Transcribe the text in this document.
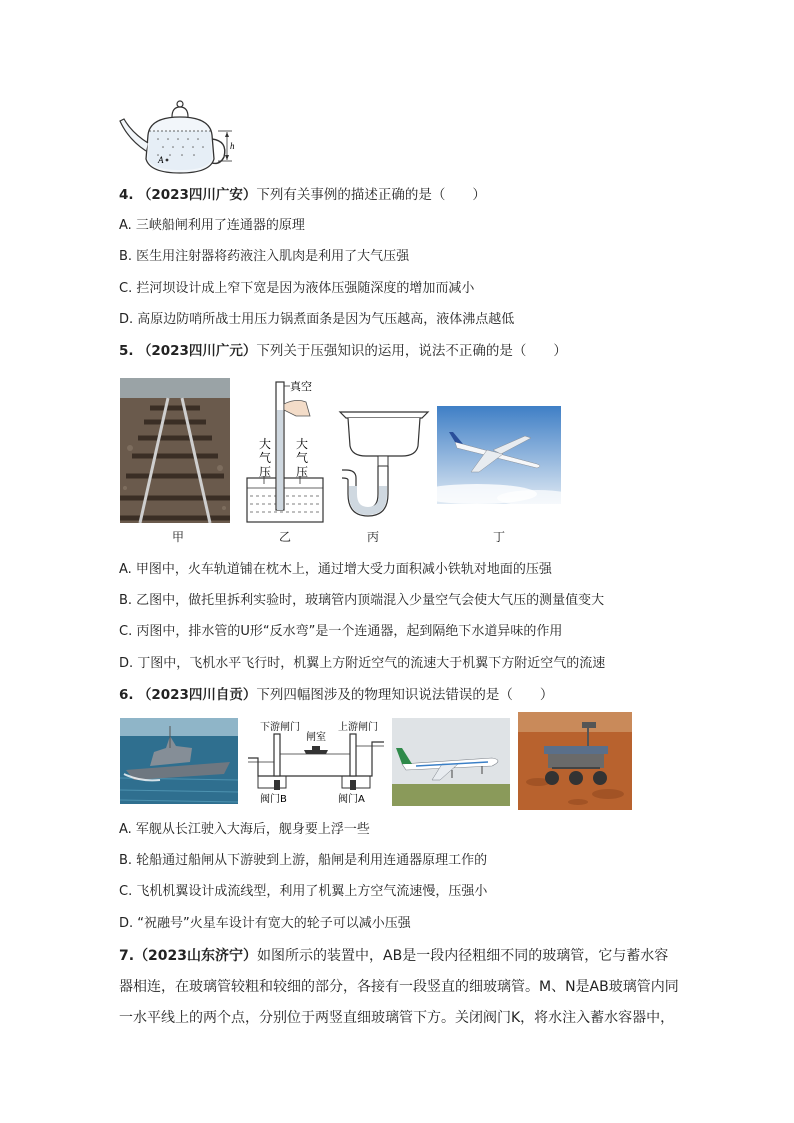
A
h
4. （2023四川广安）下列有关事例的描述正确的是（　　）
A. 三峡船闸利用了连通器的原理
B. 医生用注射器将药液注入肌肉是利用了大气压强
C. 拦河坝设计成上窄下宽是因为液体压强随深度的增加而减小
D. 高原边防哨所战士用压力锅煮面条是因为气压越高，液体沸点越低
5. （2023四川广元）下列关于压强知识的运用，说法不正确的是（　　）
真空
大气压
大气压
甲	乙	丙	丁
A. 甲图中，火车轨道铺在枕木上，通过增大受力面积减小铁轨对地面的压强
B. 乙图中，做托里拆利实验时，玻璃管内顶端混入少量空气会使大气压的测量值变大
C. 丙图中，排水管的U形“反水弯”是一个连通器，起到隔绝下水道异味的作用
D. 丁图中，飞机水平飞行时，机翼上方附近空气的流速大于机翼下方附近空气的流速
6. （2023四川自贡）下列四幅图涉及的物理知识说法错误的是（　　）
下游闸门
闸室
上游闸门
阀门B	阀门A
A. 军舰从长江驶入大海后，舰身要上浮一些
B. 轮船通过船闸从下游驶到上游，船闸是利用连通器原理工作的
C. 飞机机翼设计成流线型，利用了机翼上方空气流速慢，压强小
D. “祝融号”火星车设计有宽大的轮子可以减小压强
7.（2023山东济宁）如图所示的装置中，AB是一段内径粗细不同的玻璃管，它与蓄水容器相连，在玻璃管较粗和较细的部分，各接有一段竖直的细玻璃管。M、N是AB玻璃管内同一水平线上的两个点，分别位于两竖直细玻璃管下方。关闭阀门K，将水注入蓄水容器中，
